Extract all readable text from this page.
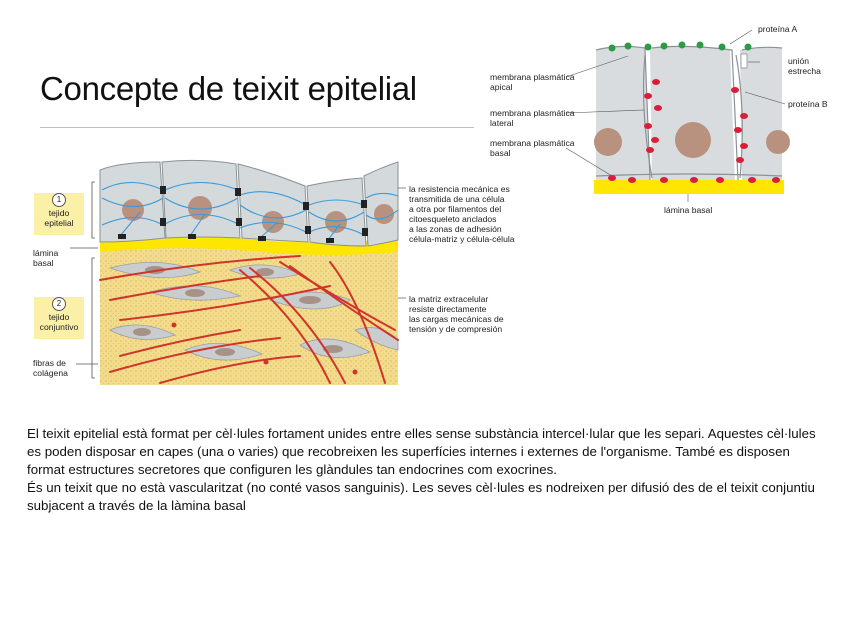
Concepte de teixit epitelial
1
tejido
epitelial
lámina
basal
2
tejido
conjuntivo
fibras de
colágena
la resistencia mecánica es
transmitida de una célula
a otra por filamentos del
citoesqueleto anclados
a las zonas de adhesión
célula-matriz y célula-célula
la matriz extracelular
resiste directamente
las cargas mecánicas de
tensión y de compresión
membrana plasmática
apical
membrana plasmática
lateral
membrana plasmática
basal
proteína A
unión
estrecha
proteína B
lámina basal

El teixit epitelial està format per cèl·lules fortament unides entre elles sense substància intercel·lular que les separi. Aquestes cèl·lules es poden disposar en capes (una o varies) que recobreixen les superfícies internes i externes de l'organisme. També es disposen format estructures secretores que configuren les glàndules tan endocrines com exocrines.

És un teixit que no està vascularitzat (no conté vasos sanguinis). Les seves cèl·lules es nodreixen per difusió des de el teixit conjuntiu subjacent a través de la làmina basal
